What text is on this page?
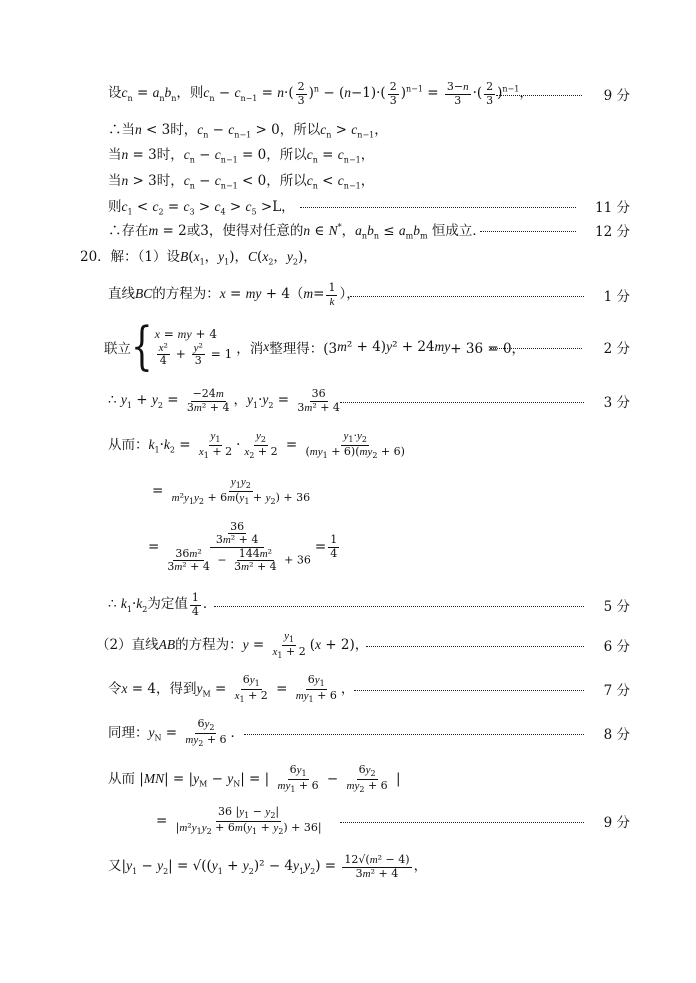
设$c_n = a_nb_n$，则$c_n - c_{n-1} = n\cdot( \frac{2}{3} )^n - (n-1)\cdot( \frac{2}{3} )^{n-1} = \frac{3-n}{3}$ ·( $\frac{2}{3} )^{n-1}$，	9 分
∴当n < 3时，$c_n - c_{n-1} > 0$，所以$c_n > c_{n-1}$，
当n = 3时，$c_n - c_{n-1} = 0$，所以$c_n = c_{n-1}$，
当n > 3时，$c_n - c_{n-1} < 0$，所以$c_n < c_{n-1}$，
则$c_1 < c_2 = c_3 > c_4 > c_5 >L$，	11 分
∴存在m = 2或3，使得对任意的n ∈ N*，$a_nb_n \le a_mb_m$ 恒成立．	12 分
20．解：（1）设$B(x_1$，$y_1$)，$C(x_2$，$y_2$)，
直线BC的方程为：x = my + $4(m= \frac{1}{k}$ ），	1 分
联立 { x = my + 4
$\frac{\text{x²}}{4} + \frac{\text{y²}}{3} = 1$ ，消 x 整理得：(3 m ² + 4) y ² + 24 my + 36 = 0，	2 分
∴ $y_1 + y_2 = \frac{-24m}{\text{3m² + 4}}$ ，$y_1\cdot y_2 = \frac{36}{\text{3m² + 4}}$	3 分
从而：$k_1\cdot k_2 = \frac{y_1}{x_1 + 2} \cdot \frac{y_2}{x_2 + 2} = \frac{y_1\cdot y_2}{(my_1 + 6)(my_2 + 6)}$
= $\frac{y_1y_2}{m^2y_1y_2 + 6m(y_1 + y_2) + 36}$
= $\frac{\frac{36}{\text{3m² + 4}}}{\frac{\text{36m²}}{\text{3m² + 4}} - \frac{\text{144m²}}{\text{3m² + 4}} + 36} = \frac{1}{4}$
∴ $k_1\cdot k_2$为定值 $\frac{1}{4}$ ．	5 分
（2）直线AB的方程为：$y = \frac{y_1}{x_1 + 2} (x + 2)$，	6 分
令x = 4，得到$y_M = \frac{6y_1}{x_1 + 2} = \frac{6y_1}{my_1 + 6}$ ，	7 分
同理：$y_N = \frac{6y_2}{my_2 + 6}$ ．	8 分
从而 $|MN| = |y_M - y_N|$ = | $\frac{6y_1}{my_1 + 6} - \frac{6y_2}{my_2 + 6}$ |
= $\frac{36 |y_1 - y_2|}{|m^2y_1y_2 + 6m(y_1 + y_2) + 36|}$	9 分
又$|y_1 - y_2| = √((y_1 + y_2)^2 - 4y_1y_2) = \frac{\text{12√(m² − 4)}}{\text{3m² + 4}}$ ，
